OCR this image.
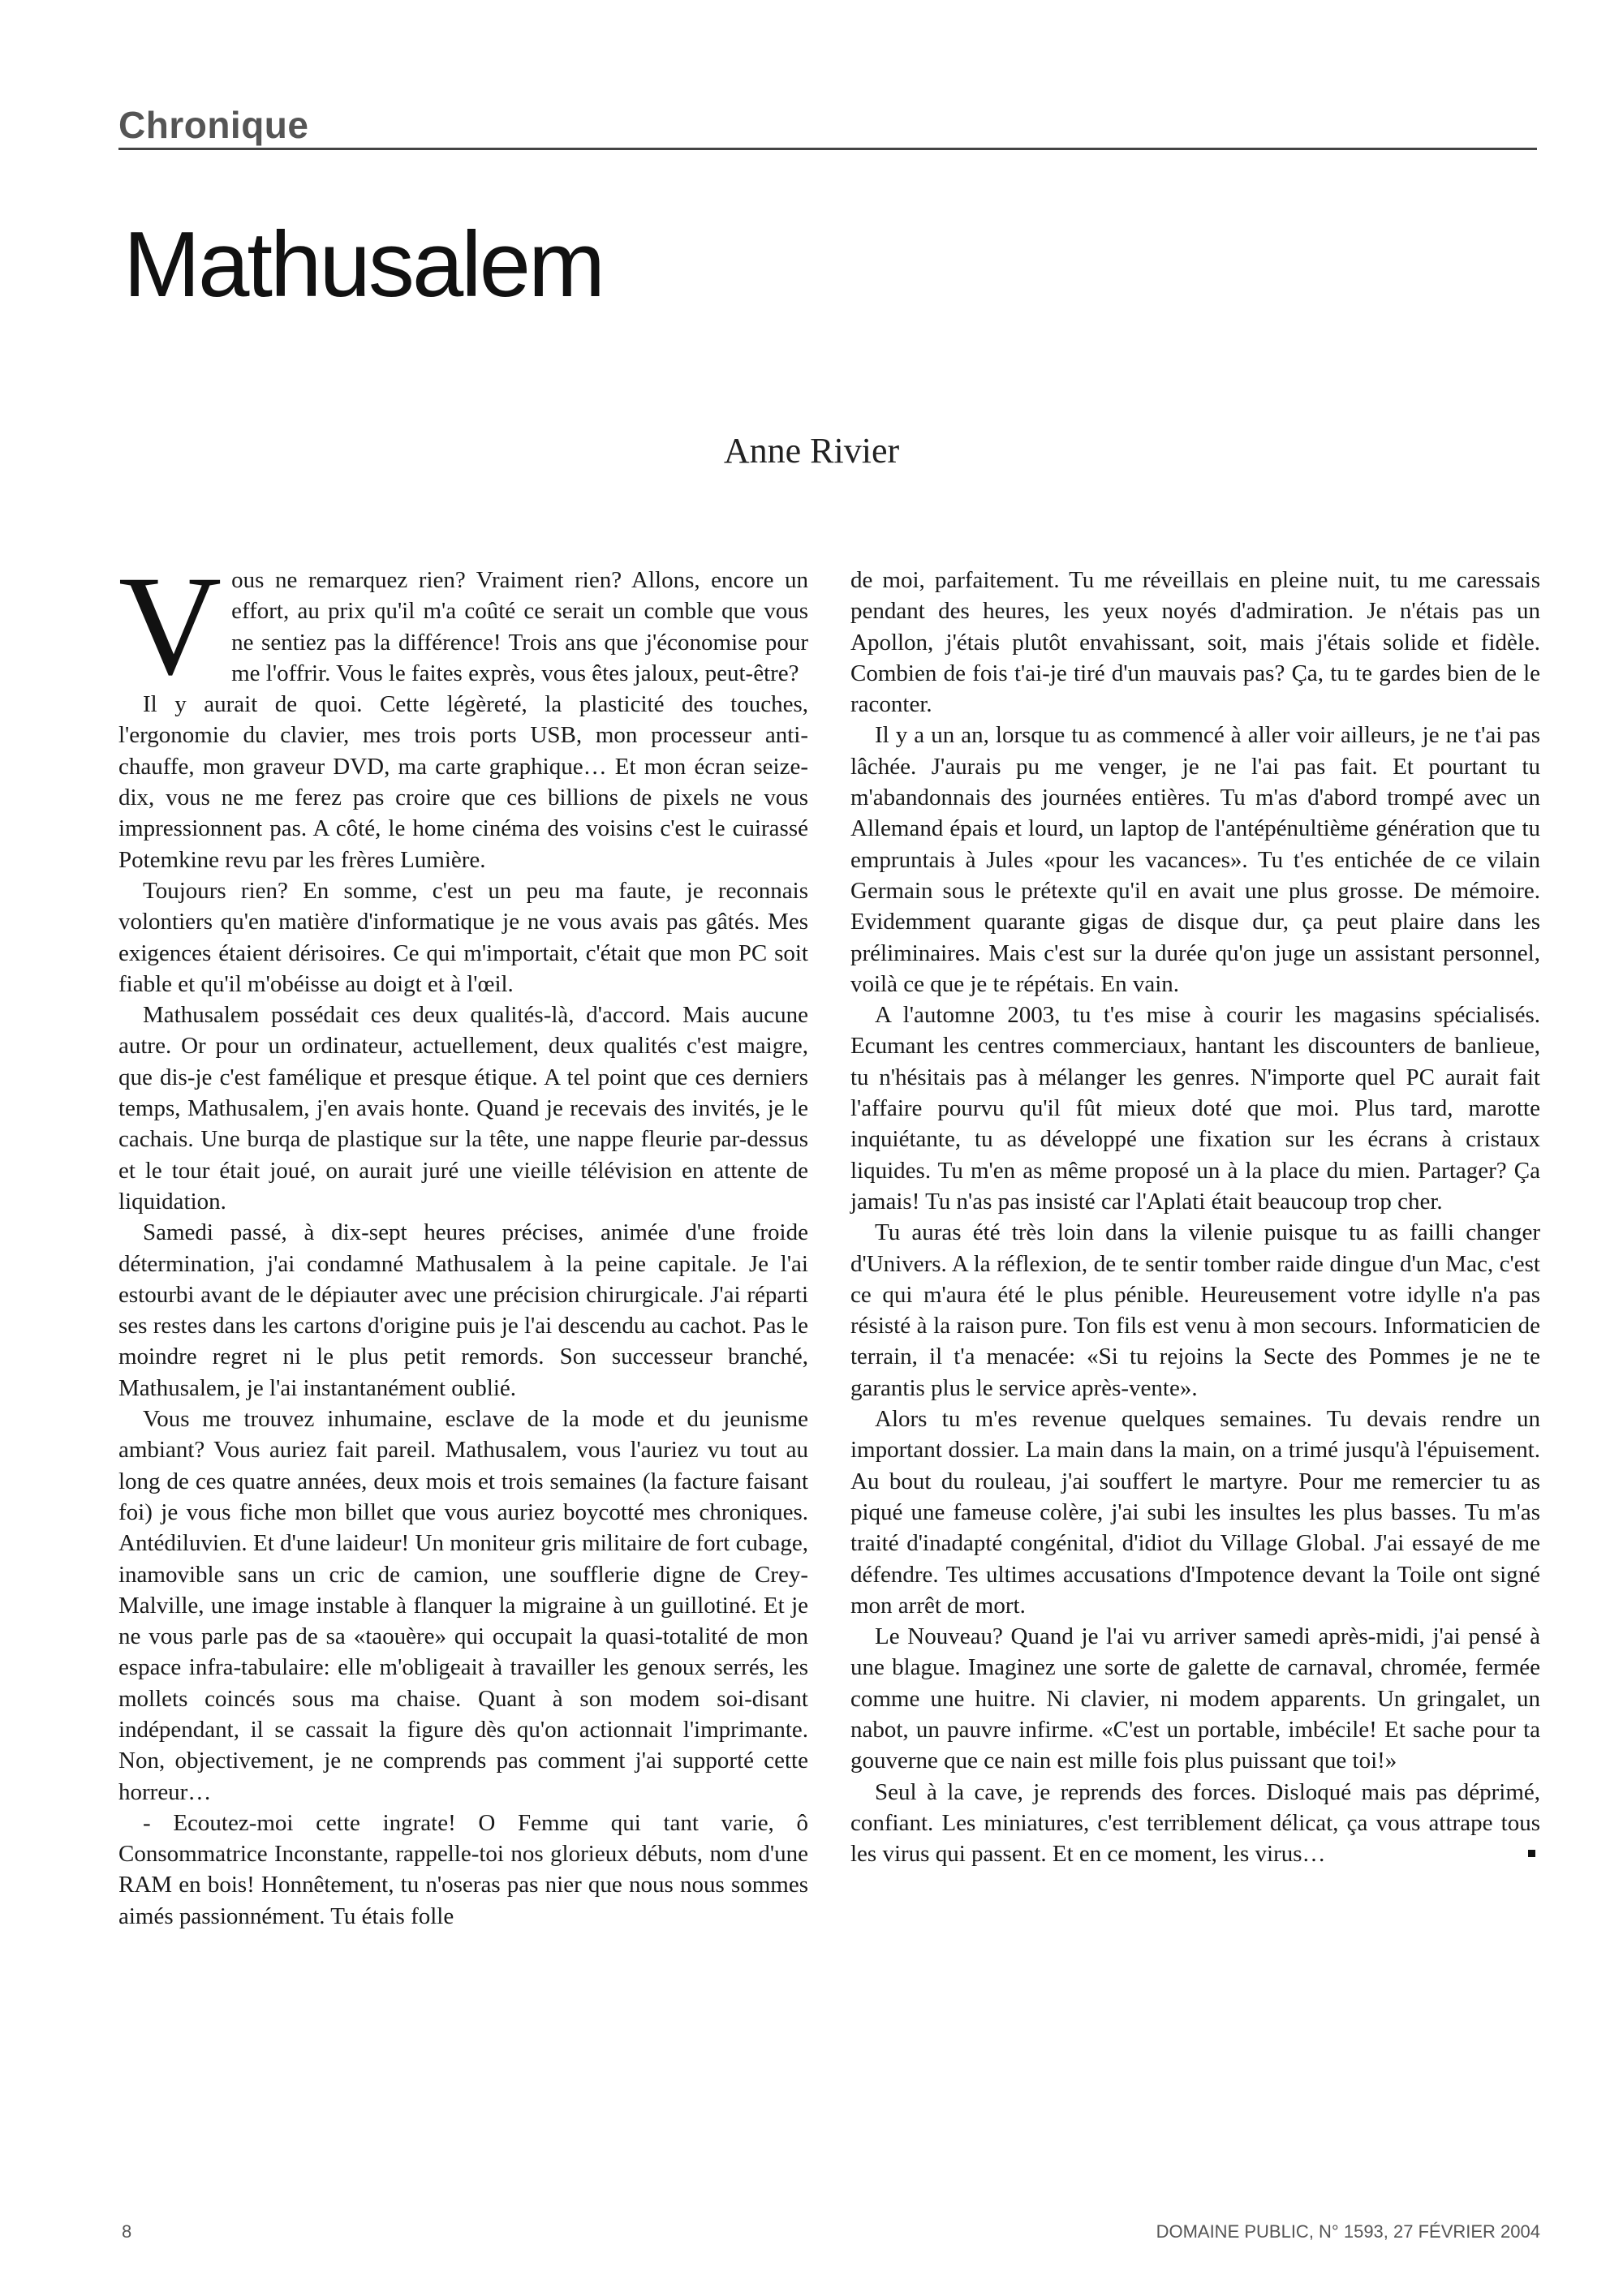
Chronique
Mathusalem
Anne Rivier

Vous ne remarquez rien? Vraiment rien? Allons, encore un effort, au prix qu'il m'a coûté ce serait un comble que vous ne sentiez pas la différence! Trois ans que j'économise pour me l'offrir. Vous le faites exprès, vous êtes jaloux, peut-être?

Il y aurait de quoi. Cette légèreté, la plasticité des touches, l'ergonomie du clavier, mes trois ports USB, mon processeur anti-chauffe, mon graveur DVD, ma carte graphique… Et mon écran seize-dix, vous ne me ferez pas croire que ces billions de pixels ne vous impressionnent pas. A côté, le home cinéma des voisins c'est le cuirassé Potemkine revu par les frères Lumière.

Toujours rien? En somme, c'est un peu ma faute, je reconnais volontiers qu'en matière d'informatique je ne vous avais pas gâtés. Mes exigences étaient dérisoires. Ce qui m'importait, c'était que mon PC soit fiable et qu'il m'obéisse au doigt et à l'œil.

Mathusalem possédait ces deux qualités-là, d'accord. Mais aucune autre. Or pour un ordinateur, actuellement, deux qualités c'est maigre, que dis-je c'est famélique et presque étique. A tel point que ces derniers temps, Mathusalem, j'en avais honte. Quand je recevais des invités, je le cachais. Une burqa de plastique sur la tête, une nappe fleurie par-dessus et le tour était joué, on aurait juré une vieille télévision en attente de liquidation.

Samedi passé, à dix-sept heures précises, animée d'une froide détermination, j'ai condamné Mathusalem à la peine capitale. Je l'ai estourbi avant de le dépiauter avec une précision chirurgicale. J'ai réparti ses restes dans les cartons d'origine puis je l'ai descendu au cachot. Pas le moindre regret ni le plus petit remords. Son successeur branché, Mathusalem, je l'ai instantanément oublié.

Vous me trouvez inhumaine, esclave de la mode et du jeunisme ambiant? Vous auriez fait pareil. Mathusalem, vous l'auriez vu tout au long de ces quatre années, deux mois et trois semaines (la facture faisant foi) je vous fiche mon billet que vous auriez boycotté mes chroniques. Antédiluvien. Et d'une laideur! Un moniteur gris militaire de fort cubage, inamovible sans un cric de camion, une soufflerie digne de Crey-Malville, une image instable à flanquer la migraine à un guillotiné. Et je ne vous parle pas de sa «taouère» qui occupait la quasi-totalité de mon espace infra-tabulaire: elle m'obligeait à travailler les genoux serrés, les mollets coincés sous ma chaise. Quant à son modem soi-disant indépendant, il se cassait la figure dès qu'on actionnait l'imprimante. Non, objectivement, je ne comprends pas comment j'ai supporté cette horreur…

- Ecoutez-moi cette ingrate! O Femme qui tant varie, ô Consommatrice Inconstante, rappelle-toi nos glorieux débuts, nom d'une RAM en bois! Honnêtement, tu n'oseras pas nier que nous nous sommes aimés passionnément. Tu étais folle

de moi, parfaitement. Tu me réveillais en pleine nuit, tu me caressais pendant des heures, les yeux noyés d'admiration. Je n'étais pas un Apollon, j'étais plutôt envahissant, soit, mais j'étais solide et fidèle. Combien de fois t'ai-je tiré d'un mauvais pas? Ça, tu te gardes bien de le raconter.

Il y a un an, lorsque tu as commencé à aller voir ailleurs, je ne t'ai pas lâchée. J'aurais pu me venger, je ne l'ai pas fait. Et pourtant tu m'abandonnais des journées entières. Tu m'as d'abord trompé avec un Allemand épais et lourd, un laptop de l'antépénultième génération que tu empruntais à Jules «pour les vacances». Tu t'es entichée de ce vilain Germain sous le prétexte qu'il en avait une plus grosse. De mémoire. Evidemment quarante gigas de disque dur, ça peut plaire dans les préliminaires. Mais c'est sur la durée qu'on juge un assistant personnel, voilà ce que je te répétais. En vain.

A l'automne 2003, tu t'es mise à courir les magasins spécialisés. Ecumant les centres commerciaux, hantant les discounters de banlieue, tu n'hésitais pas à mélanger les genres. N'importe quel PC aurait fait l'affaire pourvu qu'il fût mieux doté que moi. Plus tard, marotte inquiétante, tu as développé une fixation sur les écrans à cristaux liquides. Tu m'en as même proposé un à la place du mien. Partager? Ça jamais! Tu n'as pas insisté car l'Aplati était beaucoup trop cher.

Tu auras été très loin dans la vilenie puisque tu as failli changer d'Univers. A la réflexion, de te sentir tomber raide dingue d'un Mac, c'est ce qui m'aura été le plus pénible. Heureusement votre idylle n'a pas résisté à la raison pure. Ton fils est venu à mon secours. Informaticien de terrain, il t'a menacée: «Si tu rejoins la Secte des Pommes je ne te garantis plus le service après-vente».

Alors tu m'es revenue quelques semaines. Tu devais rendre un important dossier. La main dans la main, on a trimé jusqu'à l'épuisement. Au bout du rouleau, j'ai souffert le martyre. Pour me remercier tu as piqué une fameuse colère, j'ai subi les insultes les plus basses. Tu m'as traité d'inadapté congénital, d'idiot du Village Global. J'ai essayé de me défendre. Tes ultimes accusations d'Impotence devant la Toile ont signé mon arrêt de mort.

Le Nouveau? Quand je l'ai vu arriver samedi après-midi, j'ai pensé à une blague. Imaginez une sorte de galette de carnaval, chromée, fermée comme une huitre. Ni clavier, ni modem apparents. Un gringalet, un nabot, un pauvre infirme. «C'est un portable, imbécile! Et sache pour ta gouverne que ce nain est mille fois plus puissant que toi!»

Seul à la cave, je reprends des forces. Disloqué mais pas déprimé, confiant. Les miniatures, c'est terriblement délicat, ça vous attrape tous les virus qui passent. Et en ce moment, les virus…

8	DOMAINE PUBLIC, N° 1593, 27 FÉVRIER 2004
